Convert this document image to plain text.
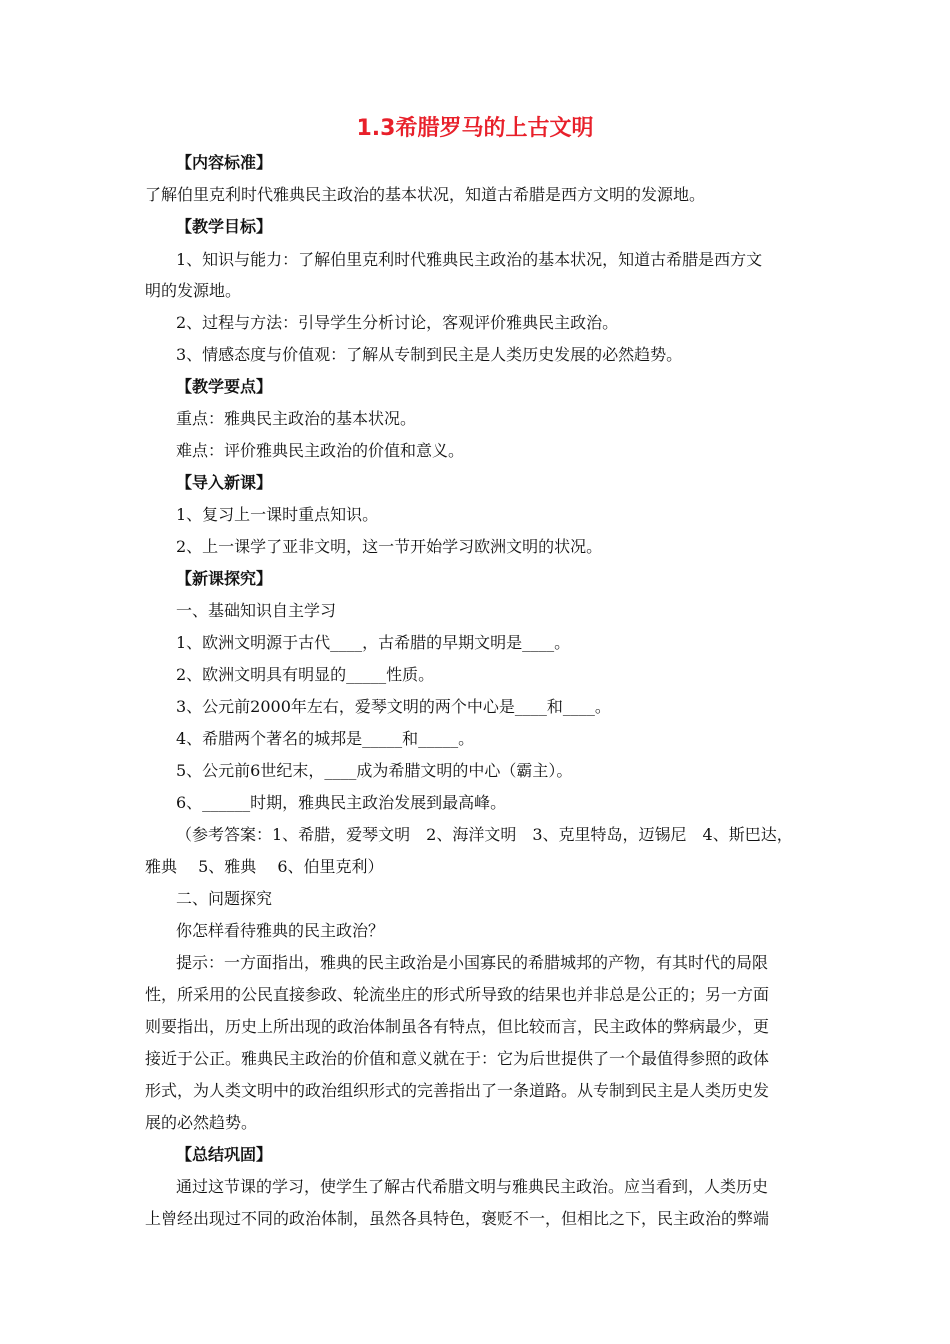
1.3希腊罗马的上古文明
【内容标准】
了解伯里克利时代雅典民主政治的基本状况，知道古希腊是西方文明的发源地。
【教学目标】
1、知识与能力：了解伯里克利时代雅典民主政治的基本状况，知道古希腊是西方文
明的发源地。
2、过程与方法：引导学生分析讨论，客观评价雅典民主政治。
3、情感态度与价值观：了解从专制到民主是人类历史发展的必然趋势。
【教学要点】
重点：雅典民主政治的基本状况。
难点：评价雅典民主政治的价值和意义。
【导入新课】
1、复习上一课时重点知识。
2、上一课学了亚非文明，这一节开始学习欧洲文明的状况。
【新课探究】
一、基础知识自主学习
1、欧洲文明源于古代____，古希腊的早期文明是____。
2、欧洲文明具有明显的_____性质。
3、公元前2000年左右，爱琴文明的两个中心是____和____。
4、希腊两个著名的城邦是_____和_____。
5、公元前6世纪末，____成为希腊文明的中心（霸主）。
6、______时期，雅典民主政治发展到最高峰。
（参考答案：1、希腊，爱琴文明　2、海洋文明　3、克里特岛，迈锡尼　4、斯巴达，
雅典　 5、雅典　 6、伯里克利）
二、问题探究
你怎样看待雅典的民主政治？
提示：一方面指出，雅典的民主政治是小国寡民的希腊城邦的产物，有其时代的局限
性，所采用的公民直接参政、轮流坐庄的形式所导致的结果也并非总是公正的；另一方面
则要指出，历史上所出现的政治体制虽各有特点，但比较而言，民主政体的弊病最少，更
接近于公正。雅典民主政治的价值和意义就在于：它为后世提供了一个最值得参照的政体
形式，为人类文明中的政治组织形式的完善指出了一条道路。从专制到民主是人类历史发
展的必然趋势。
【总结巩固】
通过这节课的学习，使学生了解古代希腊文明与雅典民主政治。应当看到，人类历史
上曾经出现过不同的政治体制，虽然各具特色，褒贬不一，但相比之下，民主政治的弊端
